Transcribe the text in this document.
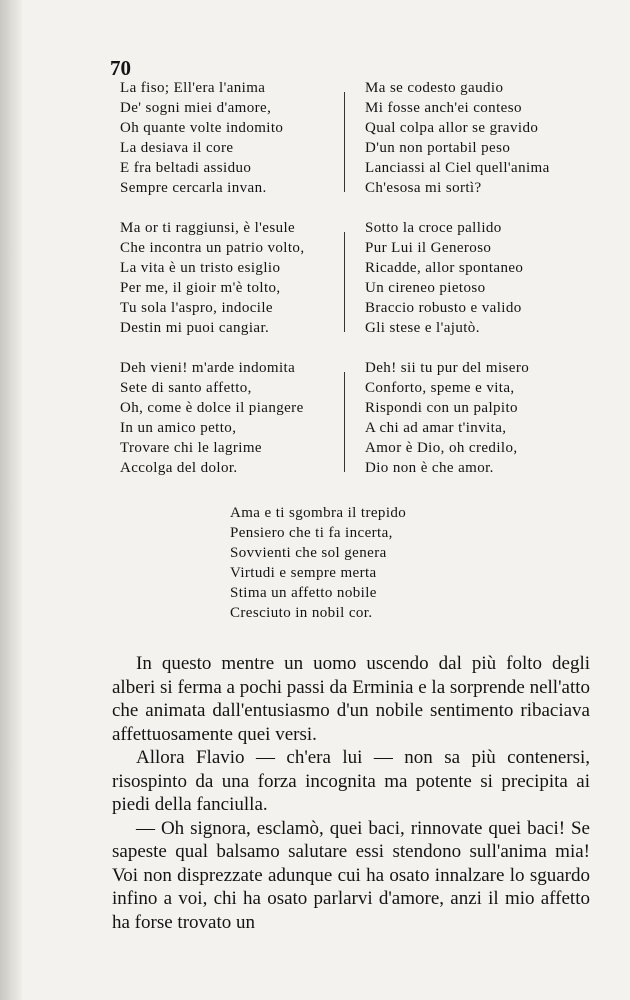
70
La fiso; Ell'era l'anima
De' sogni miei d'amore,
Oh quante volte indomito
La desiava il core
E fra beltadi assiduo
Sempre cercarla invan.
Ma or ti raggiunsi, è l'esule
Che incontra un patrio volto,
La vita è un tristo esiglio
Per me, il gioir m'è tolto,
Tu sola l'aspro, indocile
Destin mi puoi cangiar.
Deh vieni! m'arde indomita
Sete di santo affetto,
Oh, come è dolce il piangere
In un amico petto,
Trovare chi le lagrime
Accolga del dolor.
Ma se codesto gaudio
Mi fosse anch'ei conteso
Qual colpa allor se gravido
D'un non portabil peso
Lanciassi al Ciel quell'anima
Ch'esosa mi sortì?
Sotto la croce pallido
Pur Lui il Generoso
Ricadde, allor spontaneo
Un cireneo pietoso
Braccio robusto e valido
Gli stese e l'ajutò.
Deh! sii tu pur del misero
Conforto, speme e vita,
Rispondi con un palpito
A chi ad amar t'invita,
Amor è Dio, oh credilo,
Dio non è che amor.
Ama e ti sgombra il trepido
Pensiero che ti fa incerta,
Sovvienti che sol genera
Virtudi e sempre merta
Stima un affetto nobile
Cresciuto in nobil cor.

In questo mentre un uomo uscendo dal più folto degli alberi si ferma a pochi passi da Erminia e la sorprende nell'atto che animata dall'entusiasmo d'un nobile sentimento ribaciava affettuosamente quei versi.

Allora Flavio — ch'era lui — non sa più contenersi, risospinto da una forza incognita ma potente si precipita ai piedi della fanciulla.

— Oh signora, esclamò, quei baci, rinnovate quei baci! Se sapeste qual balsamo salutare essi stendono sull'anima mia! Voi non disprezzate adunque cui ha osato innalzare lo sguardo infino a voi, chi ha osato parlarvi d'amore, anzi il mio affetto ha forse trovato un
